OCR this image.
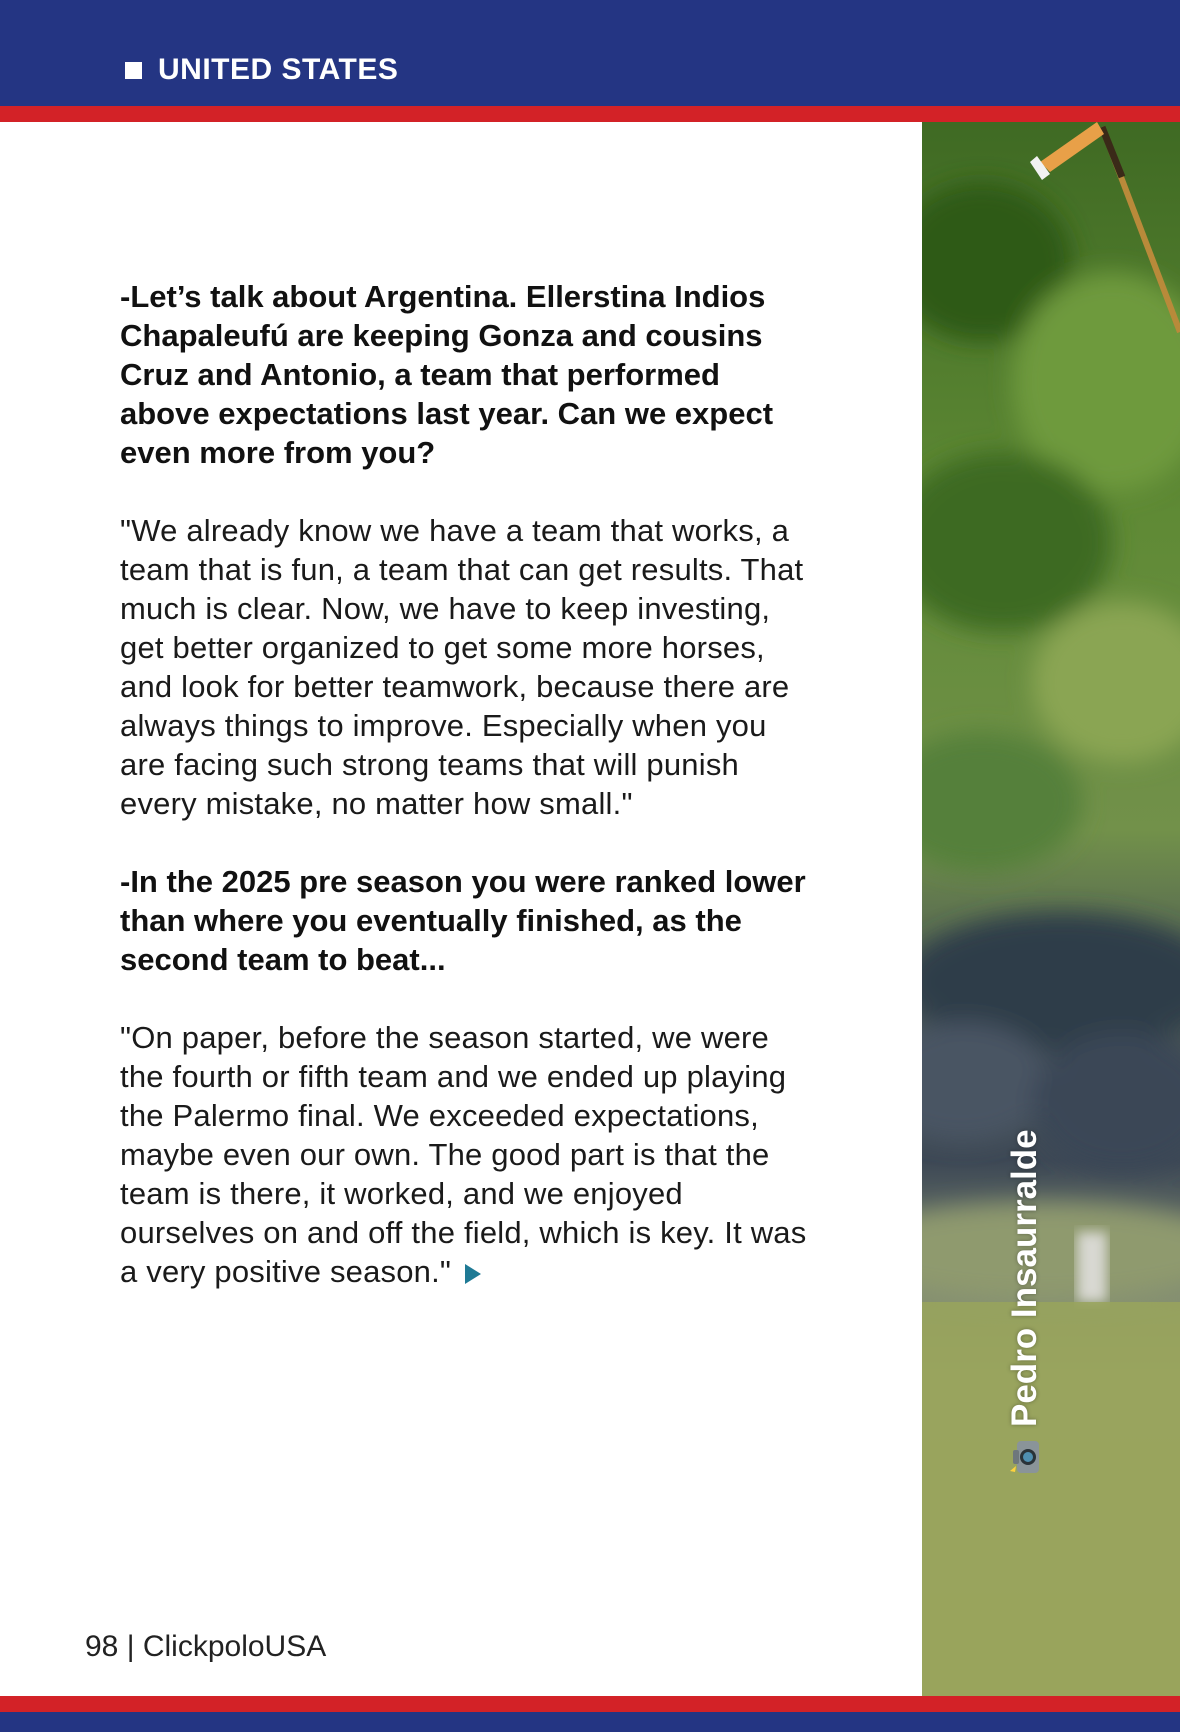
UNITED STATES
Pedro Insaurralde

-Let’s talk about Argentina. Ellerstina Indios Chapaleufú are keeping Gonza and cousins Cruz and Antonio, a team that performed above expectations last year. Can we expect even more from you?

"We already know we have a team that works, a team that is fun, a team that can get results. That much is clear. Now, we have to keep investing, get better organized to get some more horses, and look for better teamwork, because there are always things to improve. Especially when you are facing such strong teams that will punish every mistake, no matter how small."

-In the 2025 pre season you were ranked lower than where you eventually finished, as the second team to beat...

"On paper, before the season started, we were the fourth or fifth team and we ended up playing the Palermo final. We exceeded expectations, maybe even our own. The good part is that the team is there, it worked, and we enjoyed ourselves on and off the field, which is key. It was a very positive season."

98 | ClickpoloUSA
